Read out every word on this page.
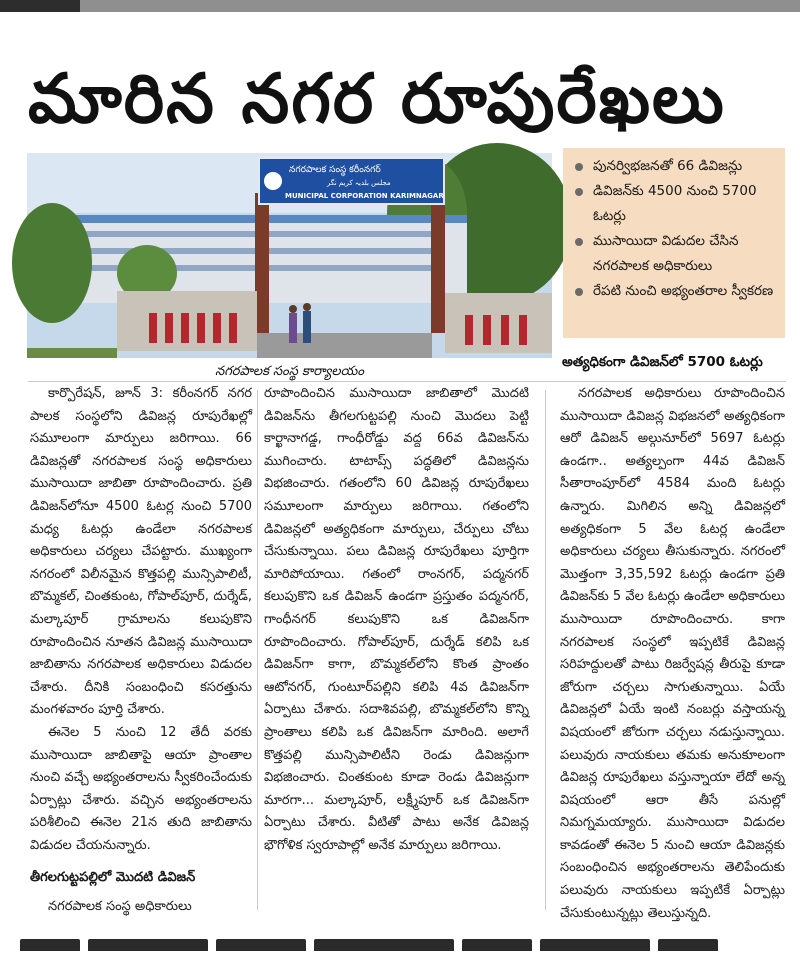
మారిన నగర రూపురేఖలు
నగరపాలక సంస్థ కరీంనగర్
مجلس بلدیہ کریم نگر
MUNICIPAL CORPORATION KARIMNAGAR
నగరపాలక సంస్థ కార్యాలయం
పునర్విభజనతో 66 డివిజన్లు
డివిజన్‌కు 4500 నుంచి 5700 ఓటర్లు
ముసాయిదా విడుదల చేసిన నగరపాలక అధికారులు
రేపటి నుంచి అభ్యంతరాల స్వీకరణ
అత్యధికంగా డివిజన్‌లో 5700 ఓటర్లు

కార్పొరేషన్, జూన్ 3: కరీంనగర్ నగర పాలక సంస్థలోని డివిజన్ల రూపురేఖల్లో సమూలంగా మార్పులు జరిగాయి. 66 డివిజన్లతో నగరపాలక సంస్థ అధికారులు ముసాయిదా జాబితా రూపొందించారు. ప్రతి డివిజన్‌లోనూ 4500 ఓటర్ల నుంచి 5700 మధ్య ఓటర్లు ఉండేలా నగరపాలక అధికారులు చర్యలు చేపట్టారు. ముఖ్యంగా నగరంలో విలీనమైన కొత్తపల్లి మున్సిపాలిటీ, బొమ్మకల్, చింతకుంట, గోపాల్‌పూర్, దుర్శేడ్, మల్కాపూర్ గ్రామాలను కలుపుకొని రూపొందించిన నూతన డివిజన్ల ముసాయిదా జాబితాను నగరపాలక అధికారులు విడుదల చేశారు. దీనికి సంబంధించి కసరత్తును మంగళవారం పూర్తి చేశారు.

ఈనెల 5 నుంచి 12 తేదీ వరకు ముసాయిదా జాబితాపై ఆయా ప్రాంతాల నుంచి వచ్చే అభ్యంతరాలను స్వీకరించేందుకు ఏర్పాట్లు చేశారు. వచ్చిన అభ్యంతరాలను పరిశీలించి ఈనెల 21న తుది జాబితాను విడుదల చేయనున్నారు.

తీగలగుట్టపల్లిలో మొదటి డివిజన్

నగరపాలక సంస్థ అధికారులు

రూపొందించిన ముసాయిదా జాబితాలో మొదటి డివిజన్‌ను తీగలగుట్టపల్లి నుంచి మొదలు పెట్టి కార్ఖానాగడ్డ, గాంధీరోడ్డు వద్ద 66వ డివిజన్‌ను ముగించారు. టాటాప్స్ పద్ధతిలో డివిజన్లను విభజించారు. గతంలోని 60 డివిజన్ల రూపురేఖలు సమూలంగా మార్పులు జరిగాయి. గతంలోని డివిజన్లలో అత్యధికంగా మార్పులు, చేర్పులు చోటు చేసుకున్నాయి. పలు డివిజన్ల రూపురేఖలు పూర్తిగా మారిపోయాయి. గతంలో రాంనగర్, పద్మనగర్ కలుపుకొని ఒక డివిజన్ ఉండగా ప్రస్తుతం పద్మనగర్, గాంధీనగర్ కలుపుకొని ఒక డివిజన్‌గా రూపొందించారు. గోపాల్‌పూర్, దుర్శేడ్ కలిపి ఒక డివిజన్‌గా కాగా, బొమ్మకల్‌లోని కొంత ప్రాంతం ఆటోనగర్, గుంటూర్‌పల్లిని కలిపి 4వ డివిజన్‌గా ఏర్పాటు చేశారు. సదాశివపల్లి, బొమ్మకల్‌లోని కొన్ని ప్రాంతాలు కలిపి ఒక డివిజన్‌గా మారింది. అలాగే కొత్తపల్లి మున్సిపాలిటీని రెండు డివిజన్లుగా విభజించారు. చింతకుంట కూడా రెండు డివిజన్లుగా మారగా... మల్కాపూర్, లక్ష్మీపూర్ ఒక డివిజన్‌గా ఏర్పాటు చేశారు. వీటితో పాటు అనేక డివిజన్ల భౌగోళిక స్వరూపాల్లో అనేక మార్పులు జరిగాయి.

నగరపాలక అధికారులు రూపొందించిన ముసాయిదా డివిజన్ల విభజనలో అత్యధికంగా ఆరో డివిజన్ అల్గునూర్‌లో 5697 ఓటర్లు ఉండగా.. అత్యల్పంగా 44వ డివిజన్ సీతారాంపూర్‌లో 4584 మంది ఓటర్లు ఉన్నారు. మిగిలిన అన్ని డివిజన్లలో అత్యధికంగా 5 వేల ఓటర్ల ఉండేలా అధికారులు చర్యలు తీసుకున్నారు. నగరంలో మొత్తంగా 3,35,592 ఓటర్లు ఉండగా ప్రతి డివిజన్‌కు 5 వేల ఓటర్లు ఉండేలా అధికారులు ముసాయిదా రూపొందించారు. కాగా నగరపాలక సంస్థలో ఇప్పటికే డివిజన్ల సరిహద్దులతో పాటు రిజర్వేషన్ల తీరుపై కూడా జోరుగా చర్చలు సాగుతున్నాయి. ఏయే డివిజన్లలో ఏయే ఇంటి నంబర్లు వస్తాయన్న విషయంలో జోరుగా చర్చలు నడుస్తున్నాయి. పలువురు నాయకులు తమకు అనుకూలంగా డివిజన్ల రూపురేఖలు వస్తున్నాయా లేదో అన్న విషయంలో ఆరా తీసే పనుల్లో నిమగ్నమయ్యారు. ముసాయిదా విడుదల కావడంతో ఈనెల 5 నుంచి ఆయా డివిజన్లకు సంబంధించిన అభ్యంతరాలను తెలిపేందుకు పలువురు నాయకులు ఇప్పటికే ఏర్పాట్లు చేసుకుంటున్నట్లు తెలుస్తున్నది.
